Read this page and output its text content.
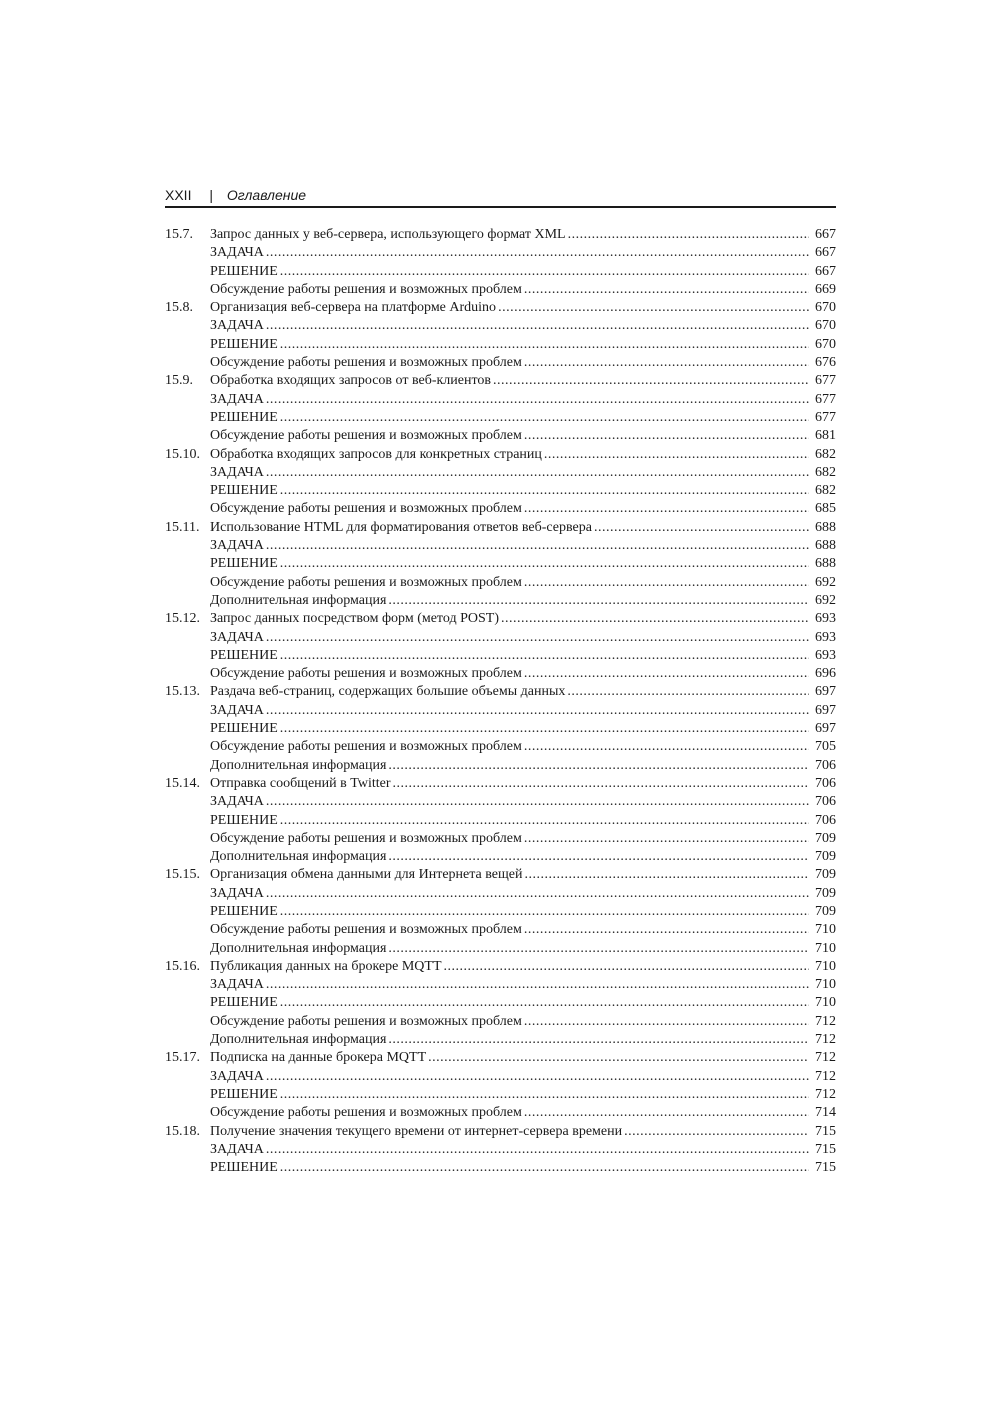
XXII | Оглавление
15.7.	Запрос данных у веб-сервера, использующего формат XML .....	667
ЗАДАЧА .....	667
РЕШЕНИЕ .....	667
Обсуждение работы решения и возможных проблем .....	669
15.8.	Организация веб-сервера на платформе Arduino .....	670
ЗАДАЧА .....	670
РЕШЕНИЕ .....	670
Обсуждение работы решения и возможных проблем .....	676
15.9.	Обработка входящих запросов от веб-клиентов .....	677
ЗАДАЧА .....	677
РЕШЕНИЕ .....	677
Обсуждение работы решения и возможных проблем .....	681
15.10. Обработка входящих запросов для конкретных страниц .....	682
ЗАДАЧА .....	682
РЕШЕНИЕ .....	682
Обсуждение работы решения и возможных проблем .....	685
15.11. Использование HTML для форматирования ответов веб-сервера .....	688
ЗАДАЧА .....	688
РЕШЕНИЕ .....	688
Обсуждение работы решения и возможных проблем .....	692
Дополнительная информация .....	692
15.12. Запрос данных посредством форм (метод POST) .....	693
ЗАДАЧА .....	693
РЕШЕНИЕ .....	693
Обсуждение работы решения и возможных проблем .....	696
15.13. Раздача веб-страниц, содержащих большие объемы данных .....	697
ЗАДАЧА .....	697
РЕШЕНИЕ .....	697
Обсуждение работы решения и возможных проблем .....	705
Дополнительная информация .....	706
15.14. Отправка сообщений в Twitter .....	706
ЗАДАЧА .....	706
РЕШЕНИЕ .....	706
Обсуждение работы решения и возможных проблем .....	709
Дополнительная информация .....	709
15.15. Организация обмена данными для Интернета вещей .....	709
ЗАДАЧА .....	709
РЕШЕНИЕ .....	709
Обсуждение работы решения и возможных проблем .....	710
Дополнительная информация .....	710
15.16. Публикация данных на брокере MQTT .....	710
ЗАДАЧА .....	710
РЕШЕНИЕ .....	710
Обсуждение работы решения и возможных проблем .....	712
Дополнительная информация .....	712
15.17. Подписка на данные брокера MQTT .....	712
ЗАДАЧА .....	712
РЕШЕНИЕ .....	712
Обсуждение работы решения и возможных проблем .....	714
15.18. Получение значения текущего времени от интернет-сервера времени .....	715
ЗАДАЧА .....	715
РЕШЕНИЕ .....	715
